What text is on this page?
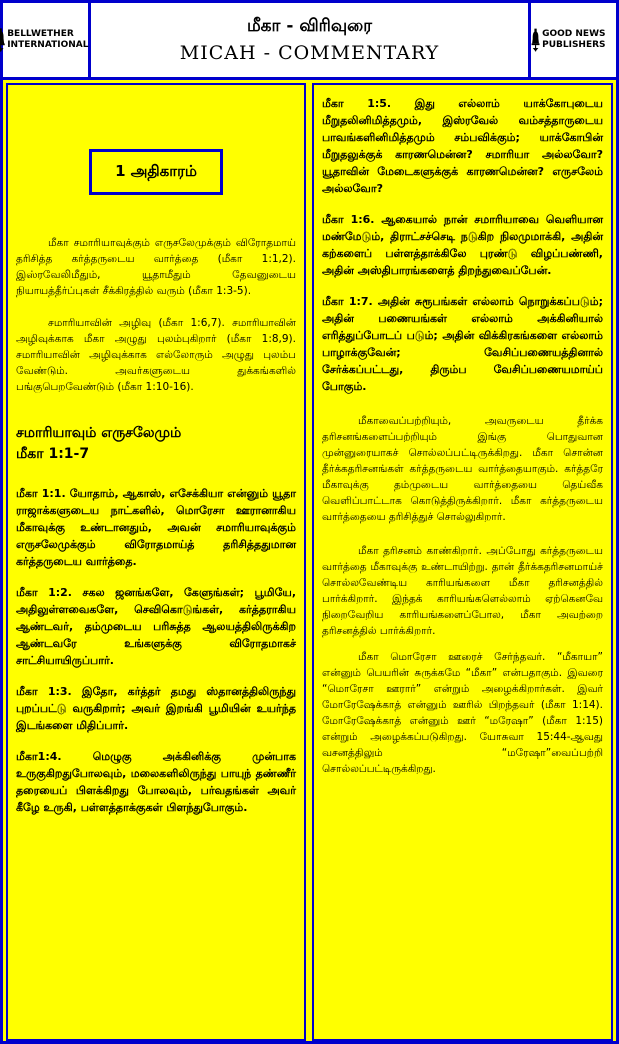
BELLWETHER INTERNATIONAL
மீகா - விரிவுரை
MICAH - COMMENTARY
GOOD NEWS PUBLISHERS
1 அதிகாரம்

மீகா சமாரியாவுக்கும் எருசலேமுக்கும் விரோதமாய் தரிசித்த கர்த்தருடைய வார்த்தை (மீகா 1:1,2). இஸ்ரவேலிமீதும், யூதாமீதும் தேவனுடைய நியாயத்தீர்ப்புகள் சீக்கிரத்தில் வரும் (மீகா 1:3-5).

சமாரியாவின் அழிவு (மீகா 1:6,7). சமாரியாவின் அழிவுக்காக மீகா அழுது புலம்புகிறார் (மீகா 1:8,9). சமாரியாவின் அழிவுக்காக எல்லோரும் அழுது புலம்ப வேண்டும். அவர்களுடைய துக்கங்களில் பங்குபெறவேண்டும் (மீகா 1:10-16).

சமாரியாவும் எருசலேமும்
மீகா 1:1-7

மீகா 1:1. யோதாம், ஆகாஸ், எசேக்கியா என்னும் யூதா ராஜாக்களுடைய நாட்களில், மொரேசா ஊரானாகிய மீகாவுக்கு உண்டானதும், அவன் சமாரியாவுக்கும் எருசலேமுக்கும் விரோதமாய்த் தரிசித்ததுமான கர்த்தருடைய வார்த்தை.

மீகா 1:2. சகல ஜனங்களே, கேளுங்கள்; பூமியே, அதிலுள்ளவைகளே, செவிகொடுங்கள், கர்த்தராகிய ஆண்டவர், தம்முடைய பரிசுத்த ஆலயத்திலிருக்கிற ஆண்டவரே உங்களுக்கு விரோதமாகச் சாட்சியாயிருப்பார்.

மீகா 1:3. இதோ, கர்த்தர் தமது ஸ்தானத்திலிருந்து புறப்பட்டு வருகிறார்; அவர் இறங்கி பூமியின் உயர்ந்த இடங்களை மிதிப்பார்.

மீகா1:4. மெழுகு அக்கினிக்கு முன்பாக உருகுகிறதுபோலவும், மலைகளிலிருந்து பாயுந் தண்ணீர் தரையைப் பிளக்கிறது போலவும், பர்வதங்கள் அவர் கீழே உருகி, பள்ளத்தாக்குகள் பிளந்துபோகும்.

மீகா 1:5. இது எல்லாம் யாக்கோபுடைய மீறுதலினிமித்தமும், இஸ்ரவேல் வம்சத்தாருடைய பாவங்களினிமித்தமும் சம்பவிக்கும்; யாக்கோபின் மீறுதலுக்குக் காரணமென்ன? சமாரியா அல்லவோ? யூதாவின் மேடைகளுக்குக் காரணமென்ன? எருசலேம் அல்லவோ?

மீகா 1:6. ஆகையால் நான் சமாரியாவை வெளியான மண்மேடும், திராட்சச்செடி நடுகிற நிலமுமாக்கி, அதின் கற்களைப் பள்ளத்தாக்கிலே புரண்டு விழப்பண்ணி, அதின் அஸ்திபாரங்களைத் திறந்துவைப்பேன்.

மீகா 1:7. அதின் சுரூபங்கள் எல்லாம் நொறுக்கப்படும்; அதின் பணையங்கள் எல்லாம் அக்கினியால் எரித்துப்போடப் படும்; அதின் விக்கிரகங்களை எல்லாம் பாழாக்குவேன்; வேசிப்பணையத்தினால் சேர்க்கப்பட்டது, திரும்ப வேசிப்பணையமாய்ப் போகும்.

மீகாவைப்பற்றியும், அவருடைய தீர்க்க தரிசனங்களைப்பற்றியும் இங்கு பொதுவான முன்னுரையாகச் சொல்லப்பட்டிருக்கிறது. மீகா சொன்ன தீர்க்கதரிசனங்கள் கர்த்தருடைய வார்த்தையாகும். கர்த்தரே மீகாவுக்கு தம்முடைய வார்த்தையை தெய்வீக வெளிப்பாட்டாக கொடுத்திருக்கிறார். மீகா கர்த்தருடைய வார்த்தையை தரிசித்துச் சொல்லுகிறார்.

மீகா தரிசனம் காண்கிறார். அப்போது கர்த்தருடைய வார்த்தை மீகாவுக்கு உண்டாயிற்று. தான் தீர்க்கதரிசனமாய்ச் சொல்லவேண்டிய காரியங்களை மீகா தரிசனத்தில் பார்க்கிறார். இந்தக் காரியங்களெல்லாம் ஏற்கெனவே நிறைவேறிய காரியங்களைப்போல, மீகா அவற்றை தரிசனத்தில் பார்க்கிறார்.

மீகா மொரேசா ஊரைச் சேர்ந்தவர். “மீகாயா” என்னும் பெயரின் சுருக்கமே “மீகா” என்பதாகும். இவரை “மொரேசா ஊரார்” என்றும் அழைக்கிறார்கள். இவர் மோரேஷேக்காத் என்னும் ஊரில் பிறந்தவர் (மீகா 1:14). மோரேஷேக்காத் என்னும் ஊர் “மரேஷா” (மீகா 1:15) என்றும் அழைக்கப்படுகிறது. யோசுவா 15:44-ஆவது வசனத்திலும் “மரேஷா”வைப்பற்றி சொல்லப்பட்டிருக்கிறது.
